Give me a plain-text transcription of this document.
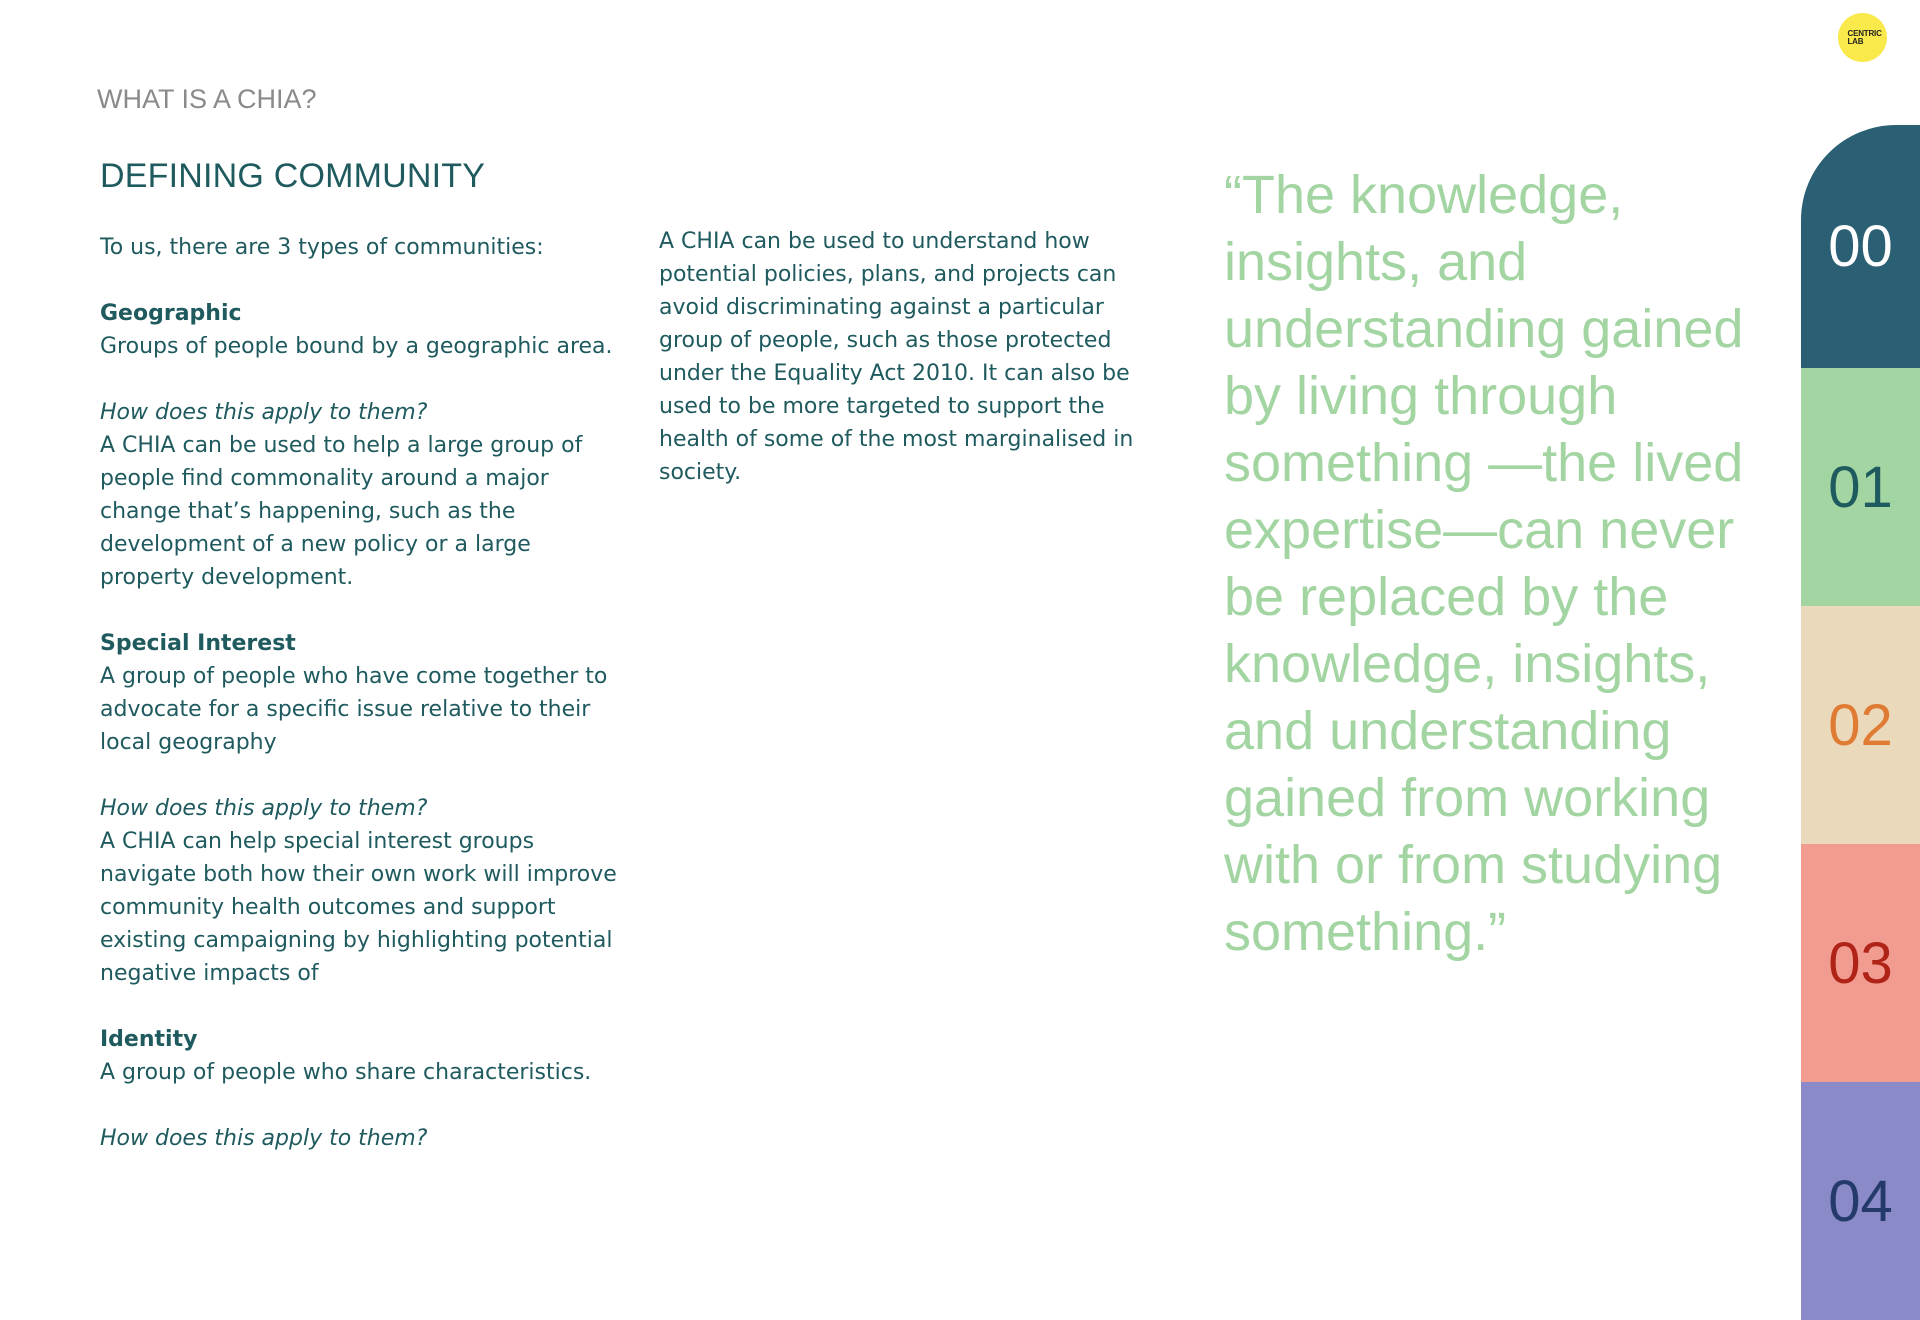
CENTRIC
LAB
WHAT IS A CHIA?
DEFINING COMMUNITY

To us, there are 3 types of communities:

Geographic

Groups of people bound by a geographic area.

How does this apply to them?

A CHIA can be used to help a large group of people find commonality around a major change that’s happening, such as the development of a new policy or a large property development.

Special Interest

A group of people who have come together to advocate for a specific issue relative to their local geography

How does this apply to them?

A CHIA can help special interest groups navigate both how their own work will improve community health outcomes and support existing campaigning by highlighting potential negative impacts of

Identity

A group of people who share characteristics.

How does this apply to them?

A CHIA can be used to understand how potential policies, plans, and projects can avoid discriminating against a particular group of people, such as those protected under the Equality Act 2010. It can also be used to be more targeted to support the health of some of the most marginalised in society.

“The knowledge, insights, and understanding gained by living through something —the lived expertise—can never be replaced by the knowledge, insights, and understanding gained from working with or from studying something.”
00
01
02
03
04
